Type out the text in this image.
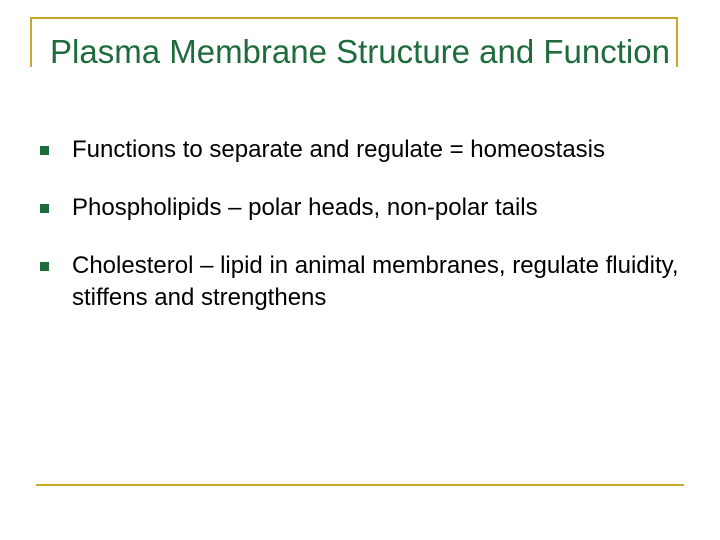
Plasma Membrane Structure and Function
Functions to separate and regulate = homeostasis
Phospholipids – polar heads, non-polar tails
Cholesterol – lipid in animal membranes, regulate fluidity, stiffens and strengthens
